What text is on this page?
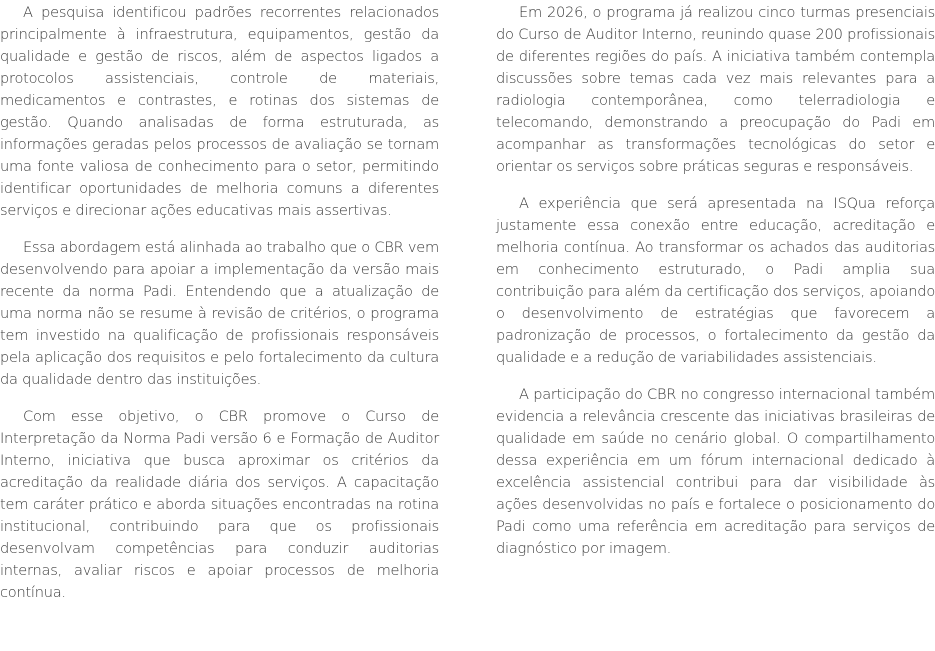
A pesquisa identificou padrões recorrentes relacionados principalmente à infraestrutura, equipamentos, gestão da qualidade e gestão de riscos, além de aspectos ligados a protocolos assistenciais, controle de materiais, medicamentos e contrastes, e rotinas dos sistemas de gestão. Quando analisadas de forma estruturada, as informações geradas pelos processos de avaliação se tornam uma fonte valiosa de conhecimento para o setor, permitindo identificar oportunidades de melhoria comuns a diferentes serviços e direcionar ações educativas mais assertivas.

Essa abordagem está alinhada ao trabalho que o CBR vem desenvolvendo para apoiar a implementação da versão mais recente da norma Padi. Entendendo que a atualização de uma norma não se resume à revisão de critérios, o programa tem investido na qualificação de profissionais responsáveis pela aplicação dos requisitos e pelo fortalecimento da cultura da qualidade dentro das instituições.

Com esse objetivo, o CBR promove o Curso de Interpretação da Norma Padi versão 6 e Formação de Auditor Interno, iniciativa que busca aproximar os critérios da acreditação da realidade diária dos serviços. A capacitação tem caráter prático e aborda situações encontradas na rotina institucional, contribuindo para que os profissionais desenvolvam competências para conduzir auditorias internas, avaliar riscos e apoiar processos de melhoria contínua.

Em 2026, o programa já realizou cinco turmas presenciais do Curso de Auditor Interno, reunindo quase 200 profissionais de diferentes regiões do país. A iniciativa também contempla discussões sobre temas cada vez mais relevantes para a radiologia contemporânea, como telerradiologia e telecomando, demonstrando a preocupação do Padi em acompanhar as transformações tecnológicas do setor e orientar os serviços sobre práticas seguras e responsáveis.

A experiência que será apresentada na ISQua reforça justamente essa conexão entre educação, acreditação e melhoria contínua. Ao transformar os achados das auditorias em conhecimento estruturado, o Padi amplia sua contribuição para além da certificação dos serviços, apoiando o desenvolvimento de estratégias que favorecem a padronização de processos, o fortalecimento da gestão da qualidade e a redução de variabilidades assistenciais.

A participação do CBR no congresso internacional também evidencia a relevância crescente das iniciativas brasileiras de qualidade em saúde no cenário global. O compartilhamento dessa experiência em um fórum internacional dedicado à excelência assistencial contribui para dar visibilidade às ações desenvolvidas no país e fortalece o posicionamento do Padi como uma referência em acreditação para serviços de diagnóstico por imagem.
